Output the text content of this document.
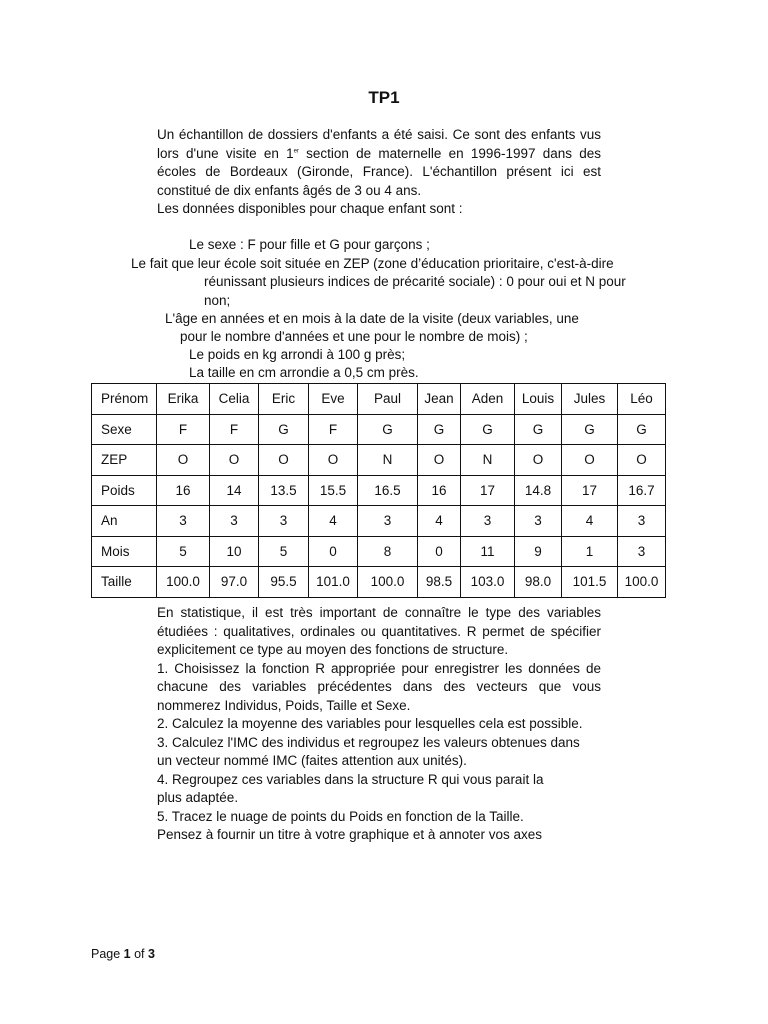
TP1
Un échantillon de dossiers d'enfants a été saisi. Ce sont des enfants vus
lors d'une visite en 1er section de maternelle en 1996-1997 dans des
écoles de Bordeaux (Gironde, France). L'échantillon présent ici est
constitué de dix enfants âgés de 3 ou 4 ans.
Les données disponibles pour chaque enfant sont :

Le sexe : F pour fille et G pour garçons ;

Le fait que leur école soit située en ZEP (zone d’éducation prioritaire, c'est-à-dire

réunissant plusieurs indices de précarité sociale) : 0 pour oui et N pour

non;

L'âge en années et en mois à la date de la visite (deux variables, une

pour le nombre d'années et une pour le nombre de mois) ;

Le poids en kg arrondi à 100 g près;

La taille en cm arrondie a 0,5 cm près.

Prénom	Erika	Celia	Eric	Eve	Paul	Jean	Aden	Louis	Jules	Léo
Sexe	F	F	G	F	G	G	G	G	G	G
ZEP	O	O	O	O	N	O	N	O	O	O
Poids	16	14	13.5	15.5	16.5	16	17	14.8	17	16.7
An	3	3	3	4	3	4	3	3	4	3
Mois	5	10	5	0	8	0	11	9	1	3
Taille	100.0	97.0	95.5	101.0	100.0	98.5	103.0	98.0	101.5	100.0
En statistique, il est très important de connaître le type des variables
étudiées : qualitatives, ordinales ou quantitatives. R permet de spécifier
explicitement ce type au moyen des fonctions de structure.
1. Choisissez la fonction R appropriée pour enregistrer les données de
chacune des variables précédentes dans des vecteurs que vous
nommerez Individus, Poids, Taille et Sexe.
2. Calculez la moyenne des variables pour lesquelles cela est possible.
3. Calculez l'IMC des individus et regroupez les valeurs obtenues dans
un vecteur nommé IMC (faites attention aux unités).
4. Regroupez ces variables dans la structure R qui vous parait la
plus adaptée.
5. Tracez le nuage de points du Poids en fonction de la Taille.
Pensez à fournir un titre à votre graphique et à annoter vos axes
Page 1 of 3
